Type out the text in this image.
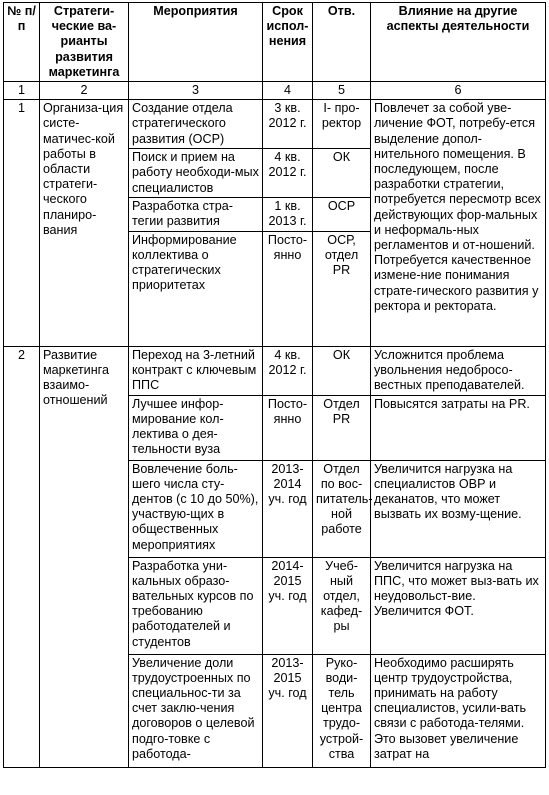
№ п/п	Стратеги-ческие ва-рианты развития маркетинга	Мероприятия	Срок испол-нения	Отв.	Влияние на другие аспекты деятельности
1	2	3	4	5	6
1	Организа-ция систе-матичес-кой работы в области стратеги-ческого планиро-вания	Создание отдела стратегического развития (ОСР)	3 кв. 2012 г.	I- про-ректор	Повлечет за собой уве-личение ФОТ, потребу-ется выделение допол-нительного помещения. В последующем, после разработки стратегии, потребуется пересмотр всех действующих фор-мальных и неформаль-ных регламентов и от-ношений. Потребуется качественное измене-ние понимания страте-гического развития у ректора и ректората.
		Поиск и прием на работу необходи-мых специалистов	4 кв. 2012 г.	ОК	
		Разработка стра-тегии развития	1 кв. 2013 г.	ОСР	
		Информирование коллектива о стратегических приоритетах	Посто-янно	ОСР, отдел PR	
2	Развитие маркетинга взаимо-отношений	Переход на 3-летний контракт с ключевым ППС	4 кв. 2012 г.	ОК	Усложнится проблема увольнения недобросо-вестных преподавателей.
		Лучшее инфор-мирование кол-лектива о дея-тельности вуза	Посто-янно	Отдел PR	Повысятся затраты на PR.
		Вовлечение боль-шего числа сту-дентов (с 10 до 50%), участвую-щих в общественных мероприятиях	2013-2014 уч. год	Отдел по вос-питатель-ной работе	Увеличится нагрузка на специалистов ОВР и деканатов, что может вызвать их возму-щение.
		Разработка уни-кальных образо-вательных курсов по требованию работодателей и студентов	2014-2015 уч. год	Учеб-ный отдел, кафед-ры	Увеличится нагрузка на ППС, что может выз-вать их неудовольст-вие. Увеличится ФОТ.
		Увеличение доли трудоустроенных по специальнос-ти за счет заклю-чения договоров о целевой подго-товке с работода-	2013-2015 уч. год	Руко-води-тель центра трудо-устрой-ства	Необходимо расширять центр трудоустройства, принимать на работу специалистов, усили-вать связи с работода-телями. Это вызовет увеличение затрат на
